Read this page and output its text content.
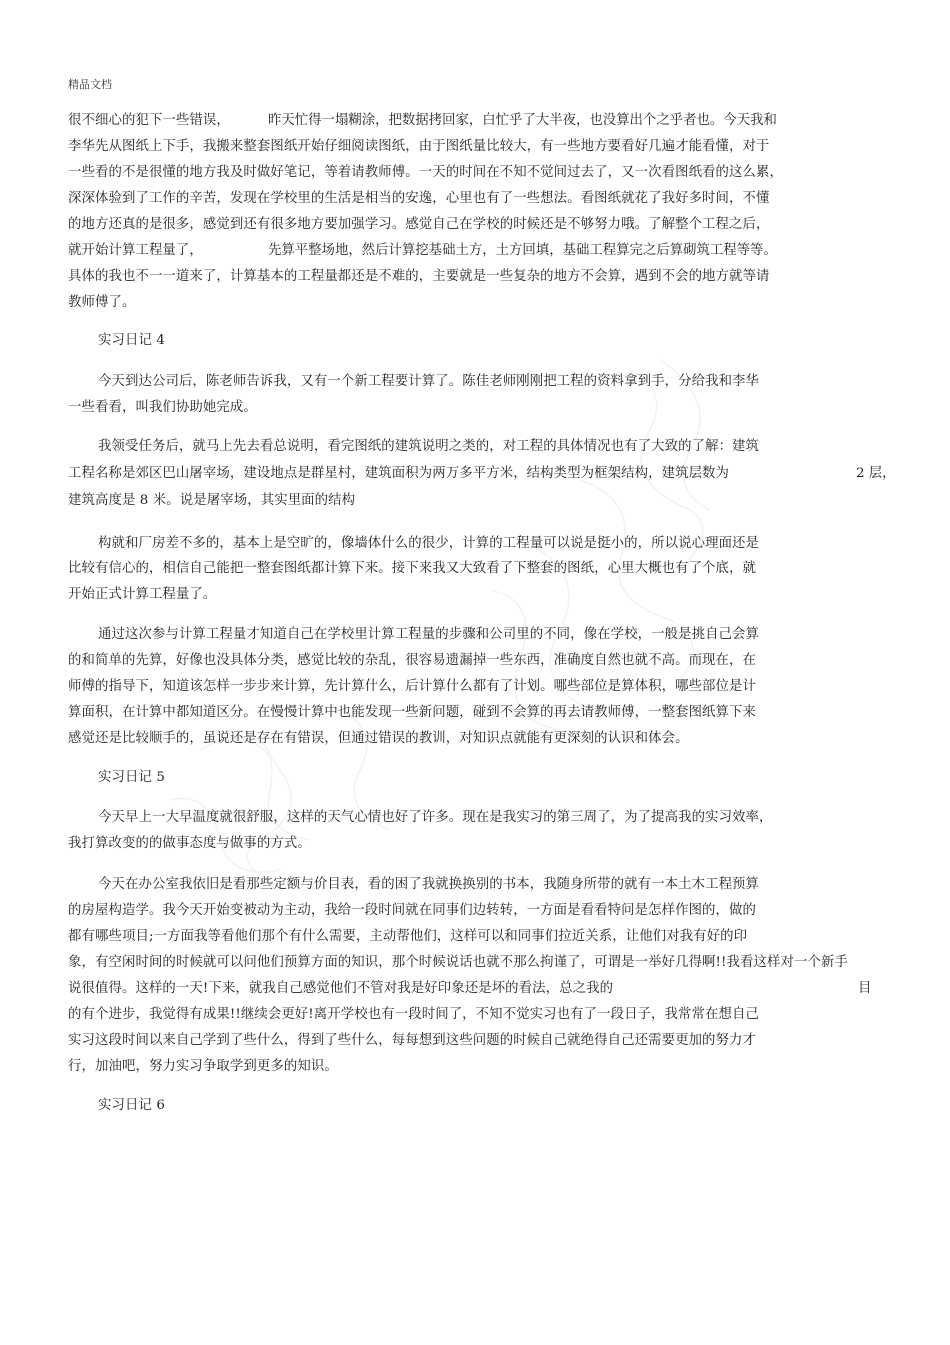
精品文档
很不细心的犯下一些错误，	昨天忙得一塌糊涂，把数据拷回家，白忙乎了大半夜，也没算出个之乎者也。今天我和
李华先从图纸上下手，我搬来整套图纸开始仔细阅读图纸，由于图纸量比较大，有一些地方要看好几遍才能看懂，对于
一些看的不是很懂的地方我及时做好笔记，等着请教师傅。一天的时间在不知不觉间过去了，又一次看图纸看的这么累，
深深体验到了工作的辛苦，发现在学校里的生活是相当的安逸，心里也有了一些想法。看图纸就花了我好多时间，不懂
的地方还真的是很多，感觉到还有很多地方要加强学习。感觉自己在学校的时候还是不够努力哦。了解整个工程之后，
就开始计算工程量了，	先算平整场地，然后计算挖基础土方，土方回填，基础工程算完之后算砌筑工程等等。
具体的我也不一一道来了，计算基本的工程量都还是不难的，主要就是一些复杂的地方不会算，遇到不会的地方就等请
教师傅了。
实习日记 4
今天到达公司后，陈老师告诉我，又有一个新工程要计算了。陈佳老师刚刚把工程的资料拿到手，分给我和李华
一些看看，叫我们协助她完成。
我领受任务后，就马上先去看总说明，看完图纸的建筑说明之类的，对工程的具体情况也有了大致的了解：建筑
工程名称是郊区巴山屠宰场，建设地点是群星村，建筑面积为两万多平方米，结构类型为框架结构，建筑层数为	2 层，
建筑高度是 8 米。说是屠宰场，其实里面的结构
构就和厂房差不多的，基本上是空旷的，像墙体什么的很少，计算的工程量可以说是挺小的，所以说心理面还是
比较有信心的，相信自己能把一整套图纸都计算下来。接下来我又大致看了下整套的图纸，心里大概也有了个底，就
开始正式计算工程量了。
通过这次参与计算工程量才知道自己在学校里计算工程量的步骤和公司里的不同，像在学校，一般是挑自己会算
的和简单的先算，好像也没具体分类，感觉比较的杂乱，很容易遗漏掉一些东西，准确度自然也就不高。而现在，在
师傅的指导下，知道该怎样一步步来计算，先计算什么，后计算什么都有了计划。哪些部位是算体积，哪些部位是计
算面积，在计算中都知道区分。在慢慢计算中也能发现一些新问题，碰到不会算的再去请教师傅，一整套图纸算下来
感觉还是比较顺手的，虽说还是存在有错误，但通过错误的教训，对知识点就能有更深刻的认识和体会。
实习日记 5
今天早上一大早温度就很舒服，这样的天气心情也好了许多。现在是我实习的第三周了，为了提高我的实习效率，
我打算改变的的做事态度与做事的方式。
今天在办公室我依旧是看那些定额与价目表，看的困了我就换换别的书本，我随身所带的就有一本土木工程预算
的房屋构造学。我今天开始变被动为主动，我给一段时间就在同事们边转转，一方面是看看特问是怎样作图的，做的
都有哪些项目;一方面我等看他们那个有什么需要，主动帮他们，这样可以和同事们拉近关系，让他们对我有好的印
象，有空闲时间的时候就可以问他们预算方面的知识，那个时候说话也就不那么拘谨了，可谓是一举好几得啊!!我看这样对一个新手
说很值得。这样的一天!下来，就我自己感觉他们不管对我是好印象还是坏的看法，总之我的	目
的有个进步，我觉得有成果!!继续会更好!离开学校也有一段时间了，不知不觉实习也有了一段日子，我常常在想自己
实习这段时间以来自己学到了些什么，得到了些什么，每每想到这些问题的时候自己就绝得自己还需要更加的努力才
行，加油吧，努力实习争取学到更多的知识。
实习日记 6
